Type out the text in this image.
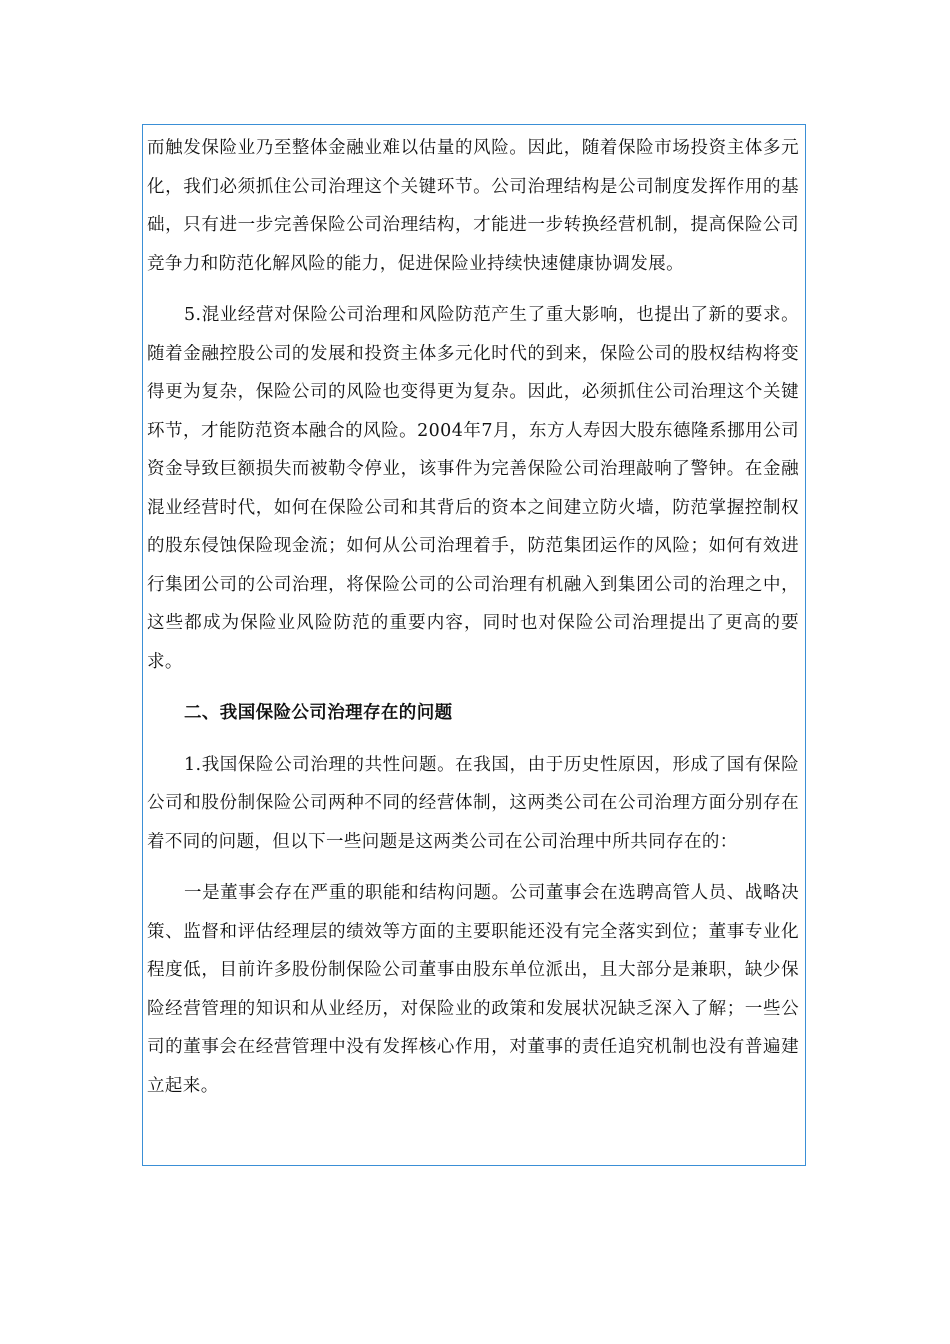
而触发保险业乃至整体金融业难以估量的风险。因此，随着保险市场投资主体多元化，我们必须抓住公司治理这个关键环节。公司治理结构是公司制度发挥作用的基础，只有进一步完善保险公司治理结构，才能进一步转换经营机制，提高保险公司竞争力和防范化解风险的能力，促进保险业持续快速健康协调发展。

5.混业经营对保险公司治理和风险防范产生了重大影响，也提出了新的要求。随着金融控股公司的发展和投资主体多元化时代的到来，保险公司的股权结构将变得更为复杂，保险公司的风险也变得更为复杂。因此，必须抓住公司治理这个关键环节，才能防范资本融合的风险。2004年7月，东方人寿因大股东德隆系挪用公司资金导致巨额损失而被勒令停业，该事件为完善保险公司治理敲响了警钟。在金融混业经营时代，如何在保险公司和其背后的资本之间建立防火墙，防范掌握控制权的股东侵蚀保险现金流；如何从公司治理着手，防范集团运作的风险；如何有效进行集团公司的公司治理，将保险公司的公司治理有机融入到集团公司的治理之中，这些都成为保险业风险防范的重要内容，同时也对保险公司治理提出了更高的要求。

二、我国保险公司治理存在的问题

1.我国保险公司治理的共性问题。在我国，由于历史性原因，形成了国有保险公司和股份制保险公司两种不同的经营体制，这两类公司在公司治理方面分别存在着不同的问题，但以下一些问题是这两类公司在公司治理中所共同存在的：

一是董事会存在严重的职能和结构问题。公司董事会在选聘高管人员、战略决策、监督和评估经理层的绩效等方面的主要职能还没有完全落实到位；董事专业化程度低，目前许多股份制保险公司董事由股东单位派出，且大部分是兼职，缺少保险经营管理的知识和从业经历，对保险业的政策和发展状况缺乏深入了解；一些公司的董事会在经营管理中没有发挥核心作用，对董事的责任追究机制也没有普遍建立起来。
